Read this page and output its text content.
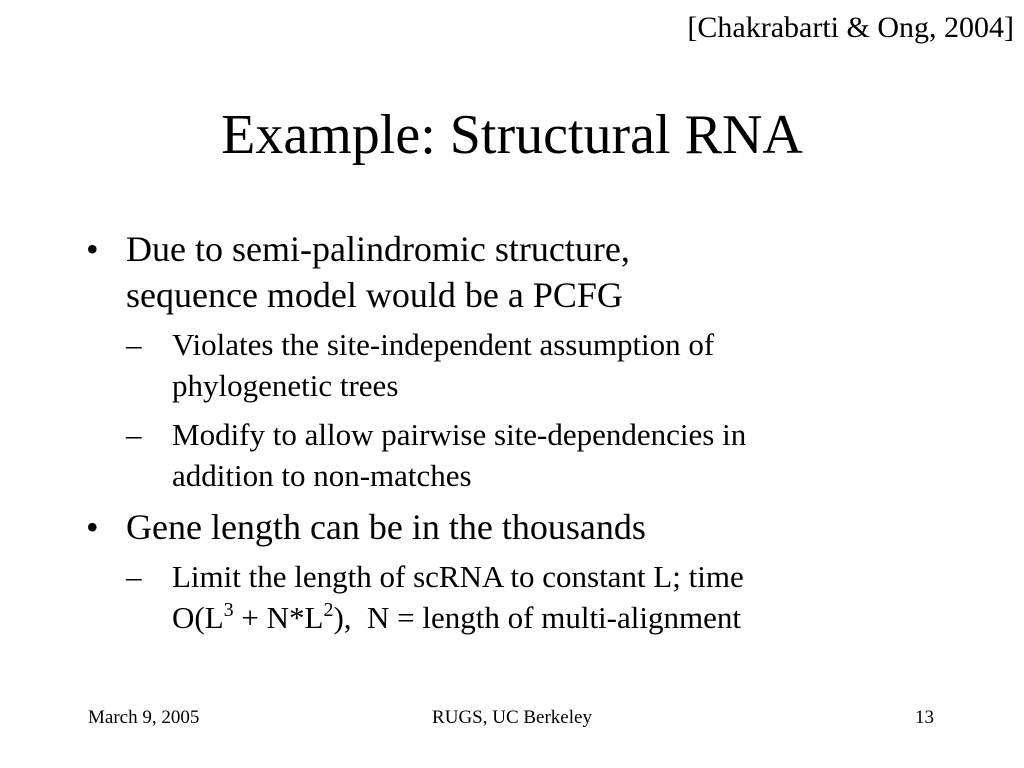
[Chakrabarti & Ong, 2004]
Example: Structural RNA
• Due to semi-palindromic structure,
sequence model would be a PCFG
– Violates the site-independent assumption of
phylogenetic trees
– Modify to allow pairwise site-dependencies in
addition to non-matches
• Gene length can be in the thousands
– Limit the length of scRNA to constant L; time
$O(L^3 + N*L^2)$,  N = length of multi-alignment
March 9, 2005	RUGS, UC Berkeley	13
